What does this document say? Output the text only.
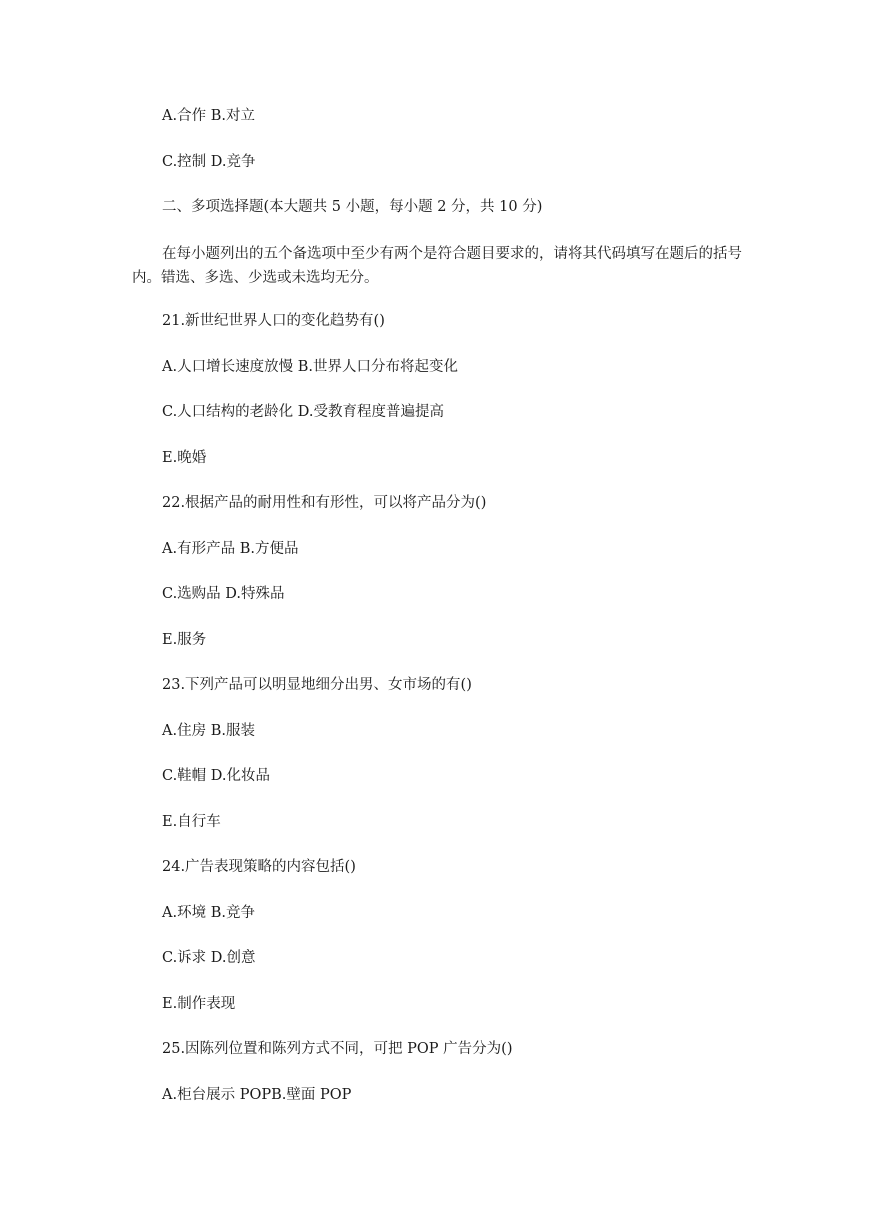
A.合作 B.对立
C.控制 D.竞争
二、多项选择题(本大题共 5 小题，每小题 2 分，共 10 分)
在每小题列出的五个备选项中至少有两个是符合题目要求的，请将其代码填写在题后的括号内。错选、多选、少选或未选均无分。
21.新世纪世界人口的变化趋势有()
A.人口增长速度放慢 B.世界人口分布将起变化
C.人口结构的老龄化 D.受教育程度普遍提高
E.晚婚
22.根据产品的耐用性和有形性，可以将产品分为()
A.有形产品 B.方便品
C.选购品 D.特殊品
E.服务
23.下列产品可以明显地细分出男、女市场的有()
A.住房 B.服装
C.鞋帽 D.化妆品
E.自行车
24.广告表现策略的内容包括()
A.环境 B.竞争
C.诉求 D.创意
E.制作表现
25.因陈列位置和陈列方式不同，可把 POP 广告分为()
A.柜台展示 POPB.壁面 POP
